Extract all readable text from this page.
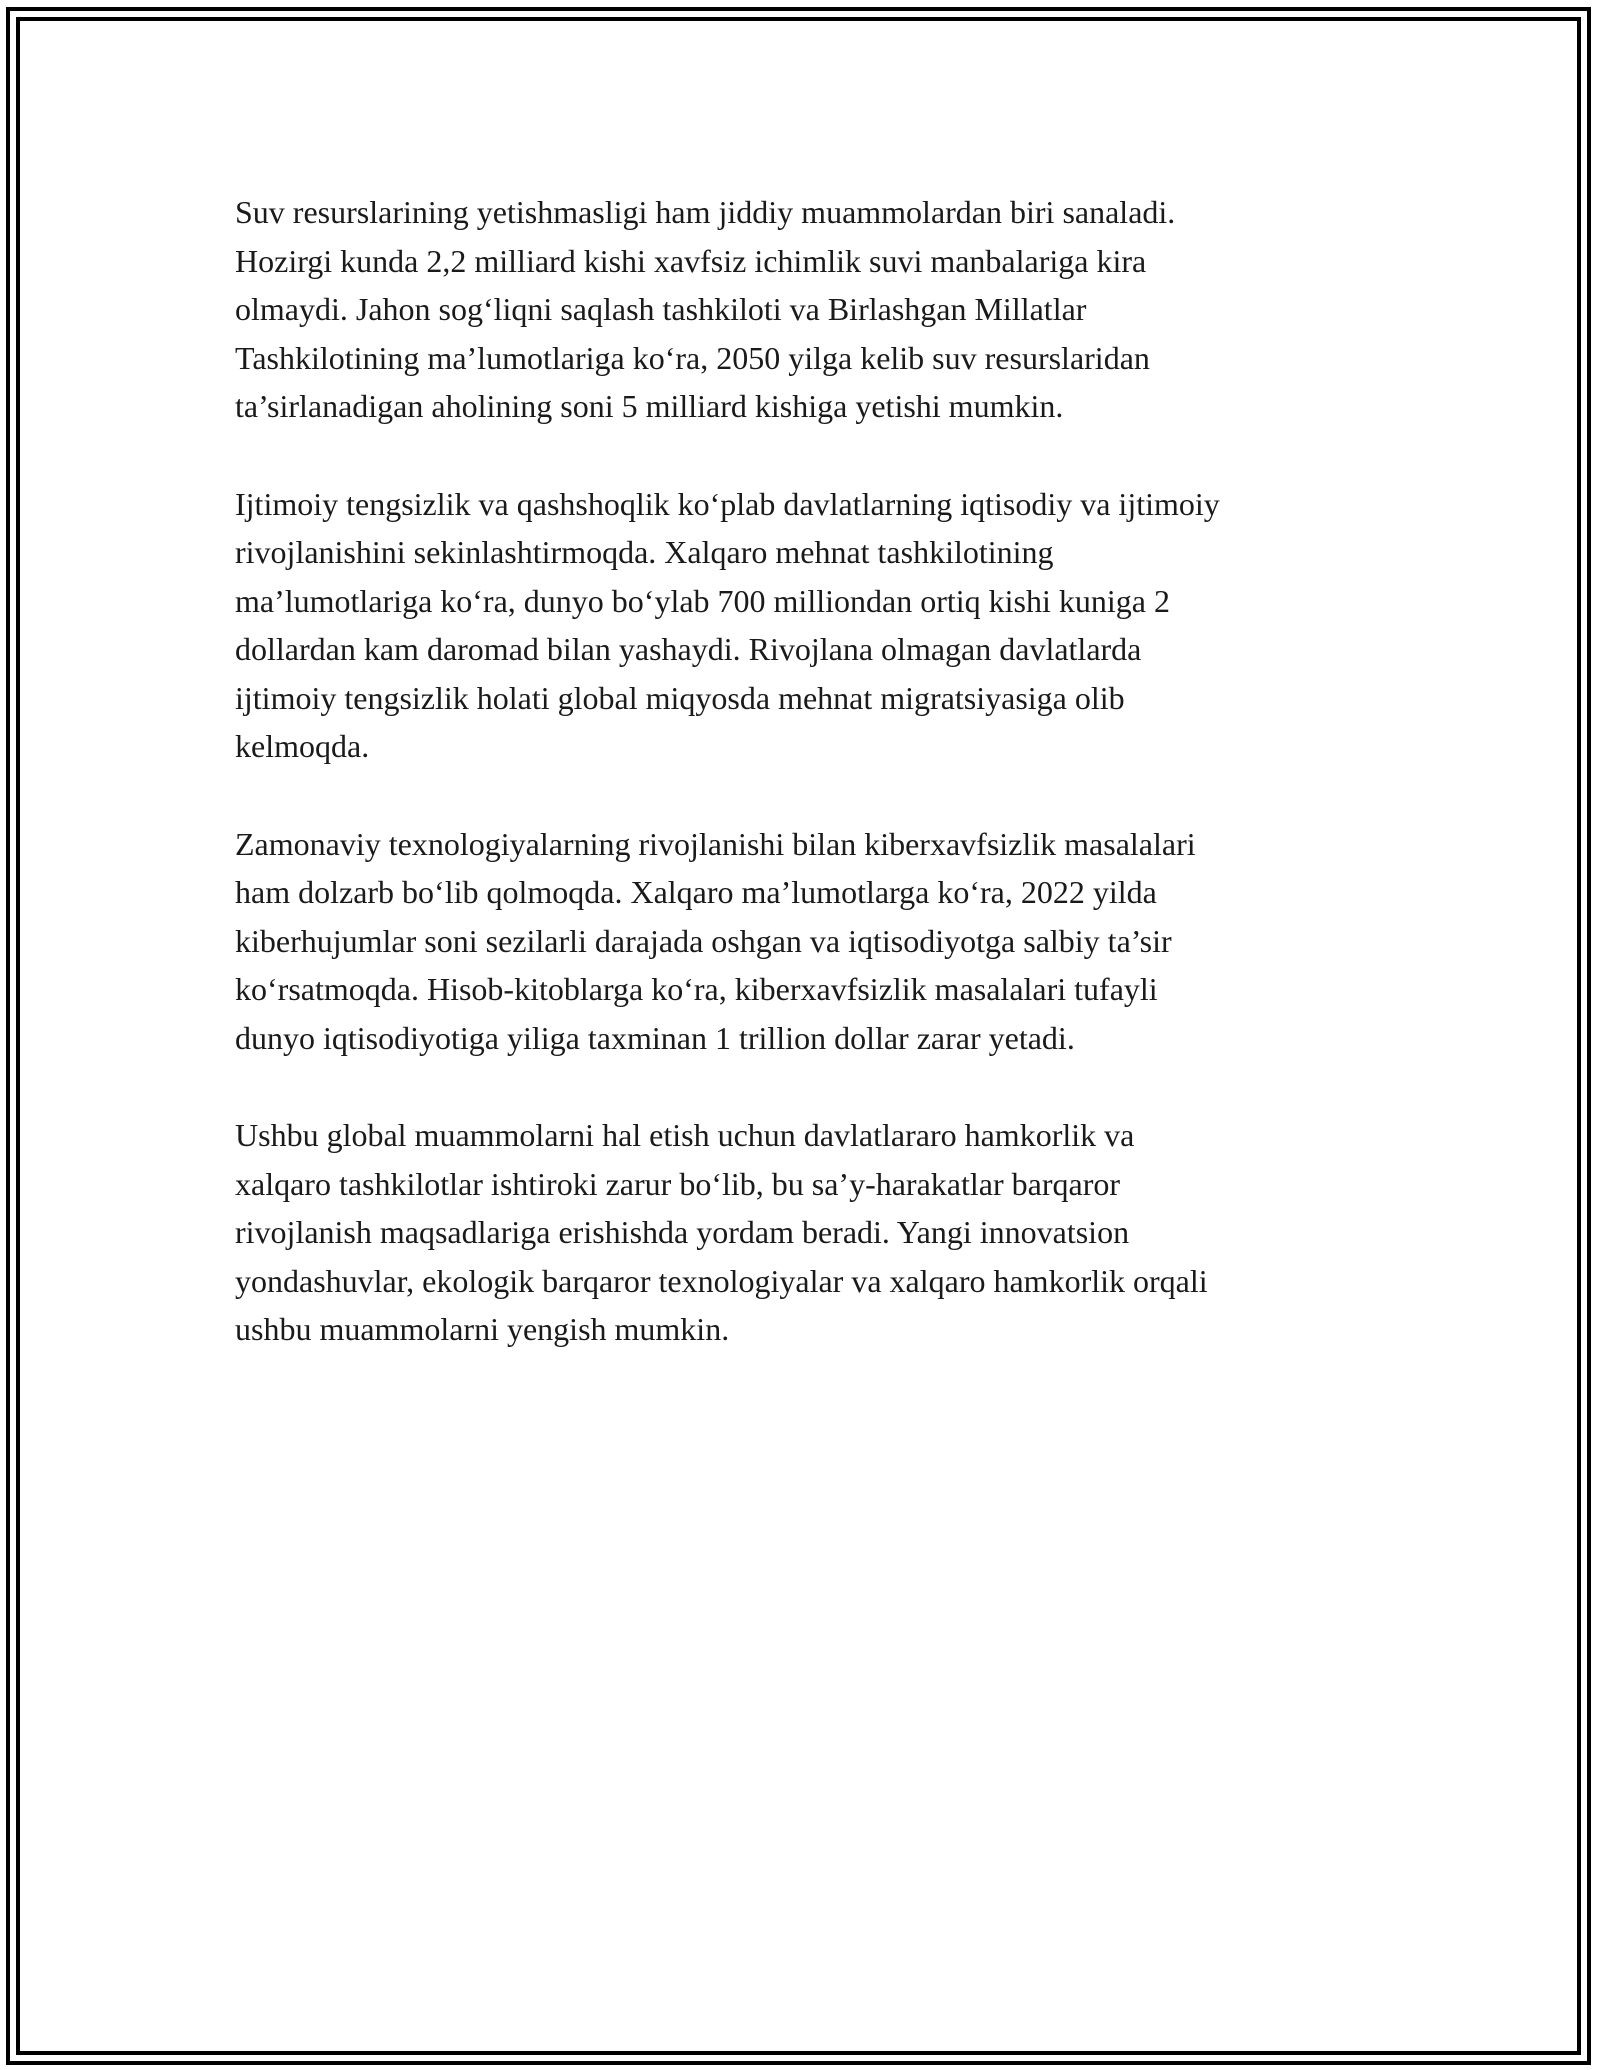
Suv resurslarining yetishmasligi ham jiddiy muammolardan biri sanaladi.
Hozirgi kunda 2,2 milliard kishi xavfsiz ichimlik suvi manbalariga kira
olmaydi. Jahon sog‘liqni saqlash tashkiloti va Birlashgan Millatlar
Tashkilotining ma’lumotlariga ko‘ra, 2050 yilga kelib suv resurslaridan
ta’sirlanadigan aholining soni 5 milliard kishiga yetishi mumkin.

Ijtimoiy tengsizlik va qashshoqlik ko‘plab davlatlarning iqtisodiy va ijtimoiy
rivojlanishini sekinlashtirmoqda. Xalqaro mehnat tashkilotining
ma’lumotlariga ko‘ra, dunyo bo‘ylab 700 milliondan ortiq kishi kuniga 2
dollardan kam daromad bilan yashaydi. Rivojlana olmagan davlatlarda
ijtimoiy tengsizlik holati global miqyosda mehnat migratsiyasiga olib
kelmoqda.

Zamonaviy texnologiyalarning rivojlanishi bilan kiberxavfsizlik masalalari
ham dolzarb bo‘lib qolmoqda. Xalqaro ma’lumotlarga ko‘ra, 2022 yilda
kiberhujumlar soni sezilarli darajada oshgan va iqtisodiyotga salbiy ta’sir
ko‘rsatmoqda. Hisob-kitoblarga ko‘ra, kiberxavfsizlik masalalari tufayli
dunyo iqtisodiyotiga yiliga taxminan 1 trillion dollar zarar yetadi.

Ushbu global muammolarni hal etish uchun davlatlararo hamkorlik va
xalqaro tashkilotlar ishtiroki zarur bo‘lib, bu sa’y-harakatlar barqaror
rivojlanish maqsadlariga erishishda yordam beradi. Yangi innovatsion
yondashuvlar, ekologik barqaror texnologiyalar va xalqaro hamkorlik orqali
ushbu muammolarni yengish mumkin.
